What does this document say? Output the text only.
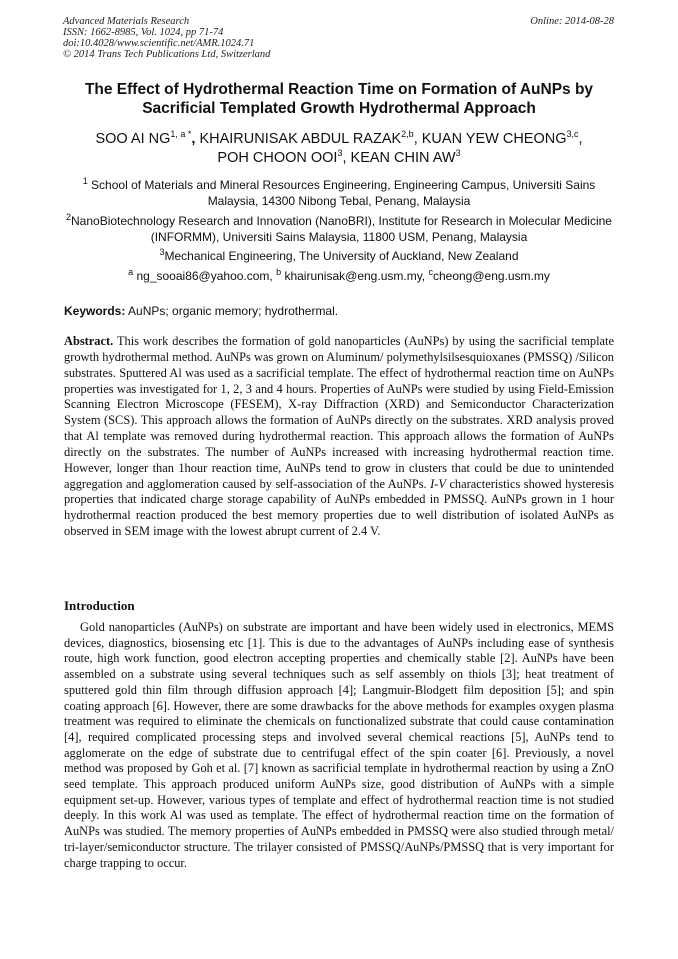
Advanced Materials Research
ISSN: 1662-8985, Vol. 1024, pp 71-74
doi:10.4028/www.scientific.net/AMR.1024.71
© 2014 Trans Tech Publications Ltd, Switzerland
Online: 2014-08-28
The Effect of Hydrothermal Reaction Time on Formation of AuNPs by Sacrificial Templated Growth Hydrothermal Approach
SOO AI $NG^{1, a *}$, KHAIRUNISAK ABDUL RAZAK$^{2,b}$, KUAN YEW CHEONG$^{3,c}$,
POH CHOON OOI$^3$, KEAN CHIN $AW^3$
$^1$ School of Materials and Mineral Resources Engineering, Engineering Campus, Universiti Sains Malaysia, 14300 Nibong Tebal, Penang, Malaysia
$^2$NanoBiotechnology Research and Innovation (NanoBRI), Institute for Research in Molecular Medicine (INFORMM), Universiti Sains Malaysia, 11800 USM, Penang, Malaysia
$^3$Mechanical Engineering, The University of Auckland, New Zealand
$^a$ ng_sooai86@yahoo.com, $^b$ khairunisak@eng.usm.my, $^c$cheong@eng.usm.my
Keywords: AuNPs; organic memory; hydrothermal.
Abstract. This work describes the formation of gold nanoparticles (AuNPs) by using the sacrificial template growth hydrothermal method. AuNPs was grown on Aluminum/ polymethylsilsesquioxanes (PMSSQ) /Silicon substrates. Sputtered Al was used as a sacrificial template. The effect of hydrothermal reaction time on AuNPs properties was investigated for 1, 2, 3 and 4 hours. Properties of AuNPs were studied by using Field-Emission Scanning Electron Microscope (FESEM), X-ray Diffraction (XRD) and Semiconductor Characterization System (SCS). This approach allows the formation of AuNPs directly on the substrates. XRD analysis proved that Al template was removed during hydrothermal reaction. This approach allows the formation of AuNPs directly on the substrates. The number of AuNPs increased with increasing hydrothermal reaction time. However, longer than 1hour reaction time, AuNPs tend to grow in clusters that could be due to unintended aggregation and agglomeration caused by self-association of the AuNPs. I-V characteristics showed hysteresis properties that indicated charge storage capability of AuNPs embedded in PMSSQ. AuNPs grown in 1 hour hydrothermal reaction produced the best memory properties due to well distribution of isolated AuNPs as observed in SEM image with the lowest abrupt current of 2.4 V.
Introduction
Gold nanoparticles (AuNPs) on substrate are important and have been widely used in electronics, MEMS devices, diagnostics, biosensing etc [1]. This is due to the advantages of AuNPs including ease of synthesis route, high work function, good electron accepting properties and chemically stable [2]. AuNPs have been assembled on a substrate using several techniques such as self assembly on thiols [3]; heat treatment of sputtered gold thin film through diffusion approach [4]; Langmuir-Blodgett film deposition [5]; and spin coating approach [6]. However, there are some drawbacks for the above methods for examples oxygen plasma treatment was required to eliminate the chemicals on functionalized substrate that could cause contamination [4], required complicated processing steps and involved several chemical reactions [5], AuNPs tend to agglomerate on the edge of substrate due to centrifugal effect of the spin coater [6]. Previously, a novel method was proposed by Goh et al. [7] known as sacrificial template in hydrothermal reaction by using a ZnO seed template. This approach produced uniform AuNPs size, good distribution of AuNPs with a simple equipment set-up. However, various types of template and effect of hydrothermal reaction time is not studied deeply. In this work Al was used as template. The effect of hydrothermal reaction time on the formation of AuNPs was studied. The memory properties of AuNPs embedded in PMSSQ were also studied through metal/ tri-layer/semiconductor structure. The trilayer consisted of PMSSQ/AuNPs/PMSSQ that is very important for charge trapping to occur.
